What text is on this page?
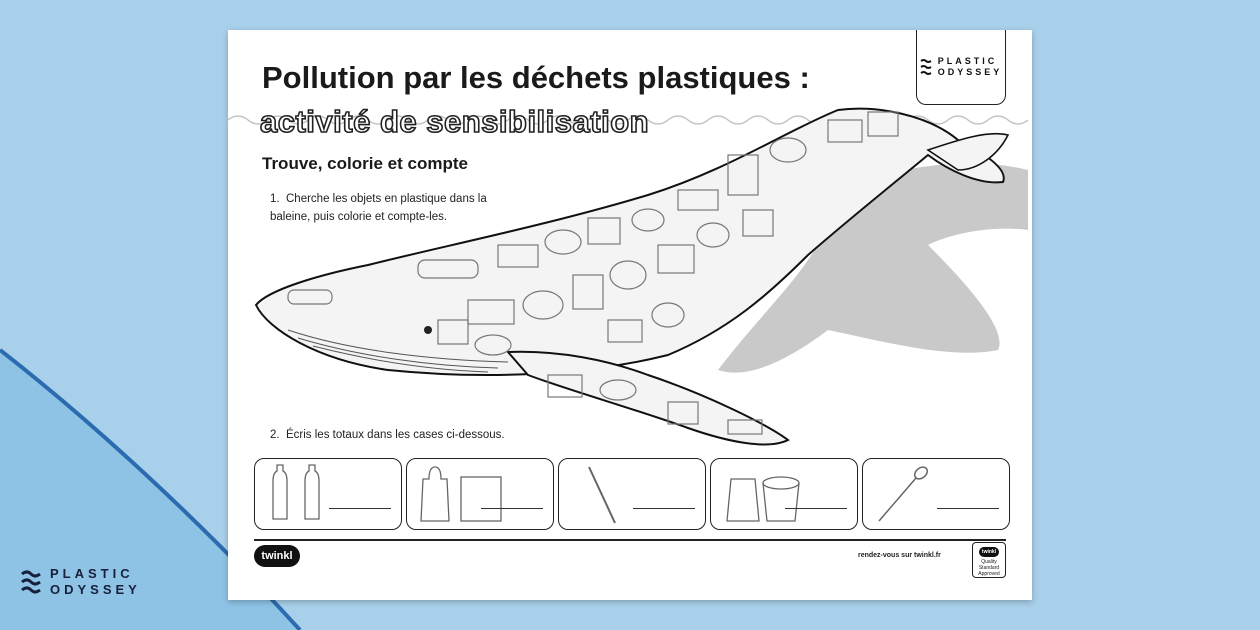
PLASTIC
ODYSSEY
PLASTIC
ODYSSEY
Pollution par les déchets plastiques :
activité de sensibilisation
Trouve, colorie et compte
1. Cherche les objets en plastique dans la baleine, puis colorie et compte-les.
2. Écris les totaux dans les cases ci-dessous.
twinkl	rendez-vous sur twinkl.fr	twinkl
Quality Standard Approved
